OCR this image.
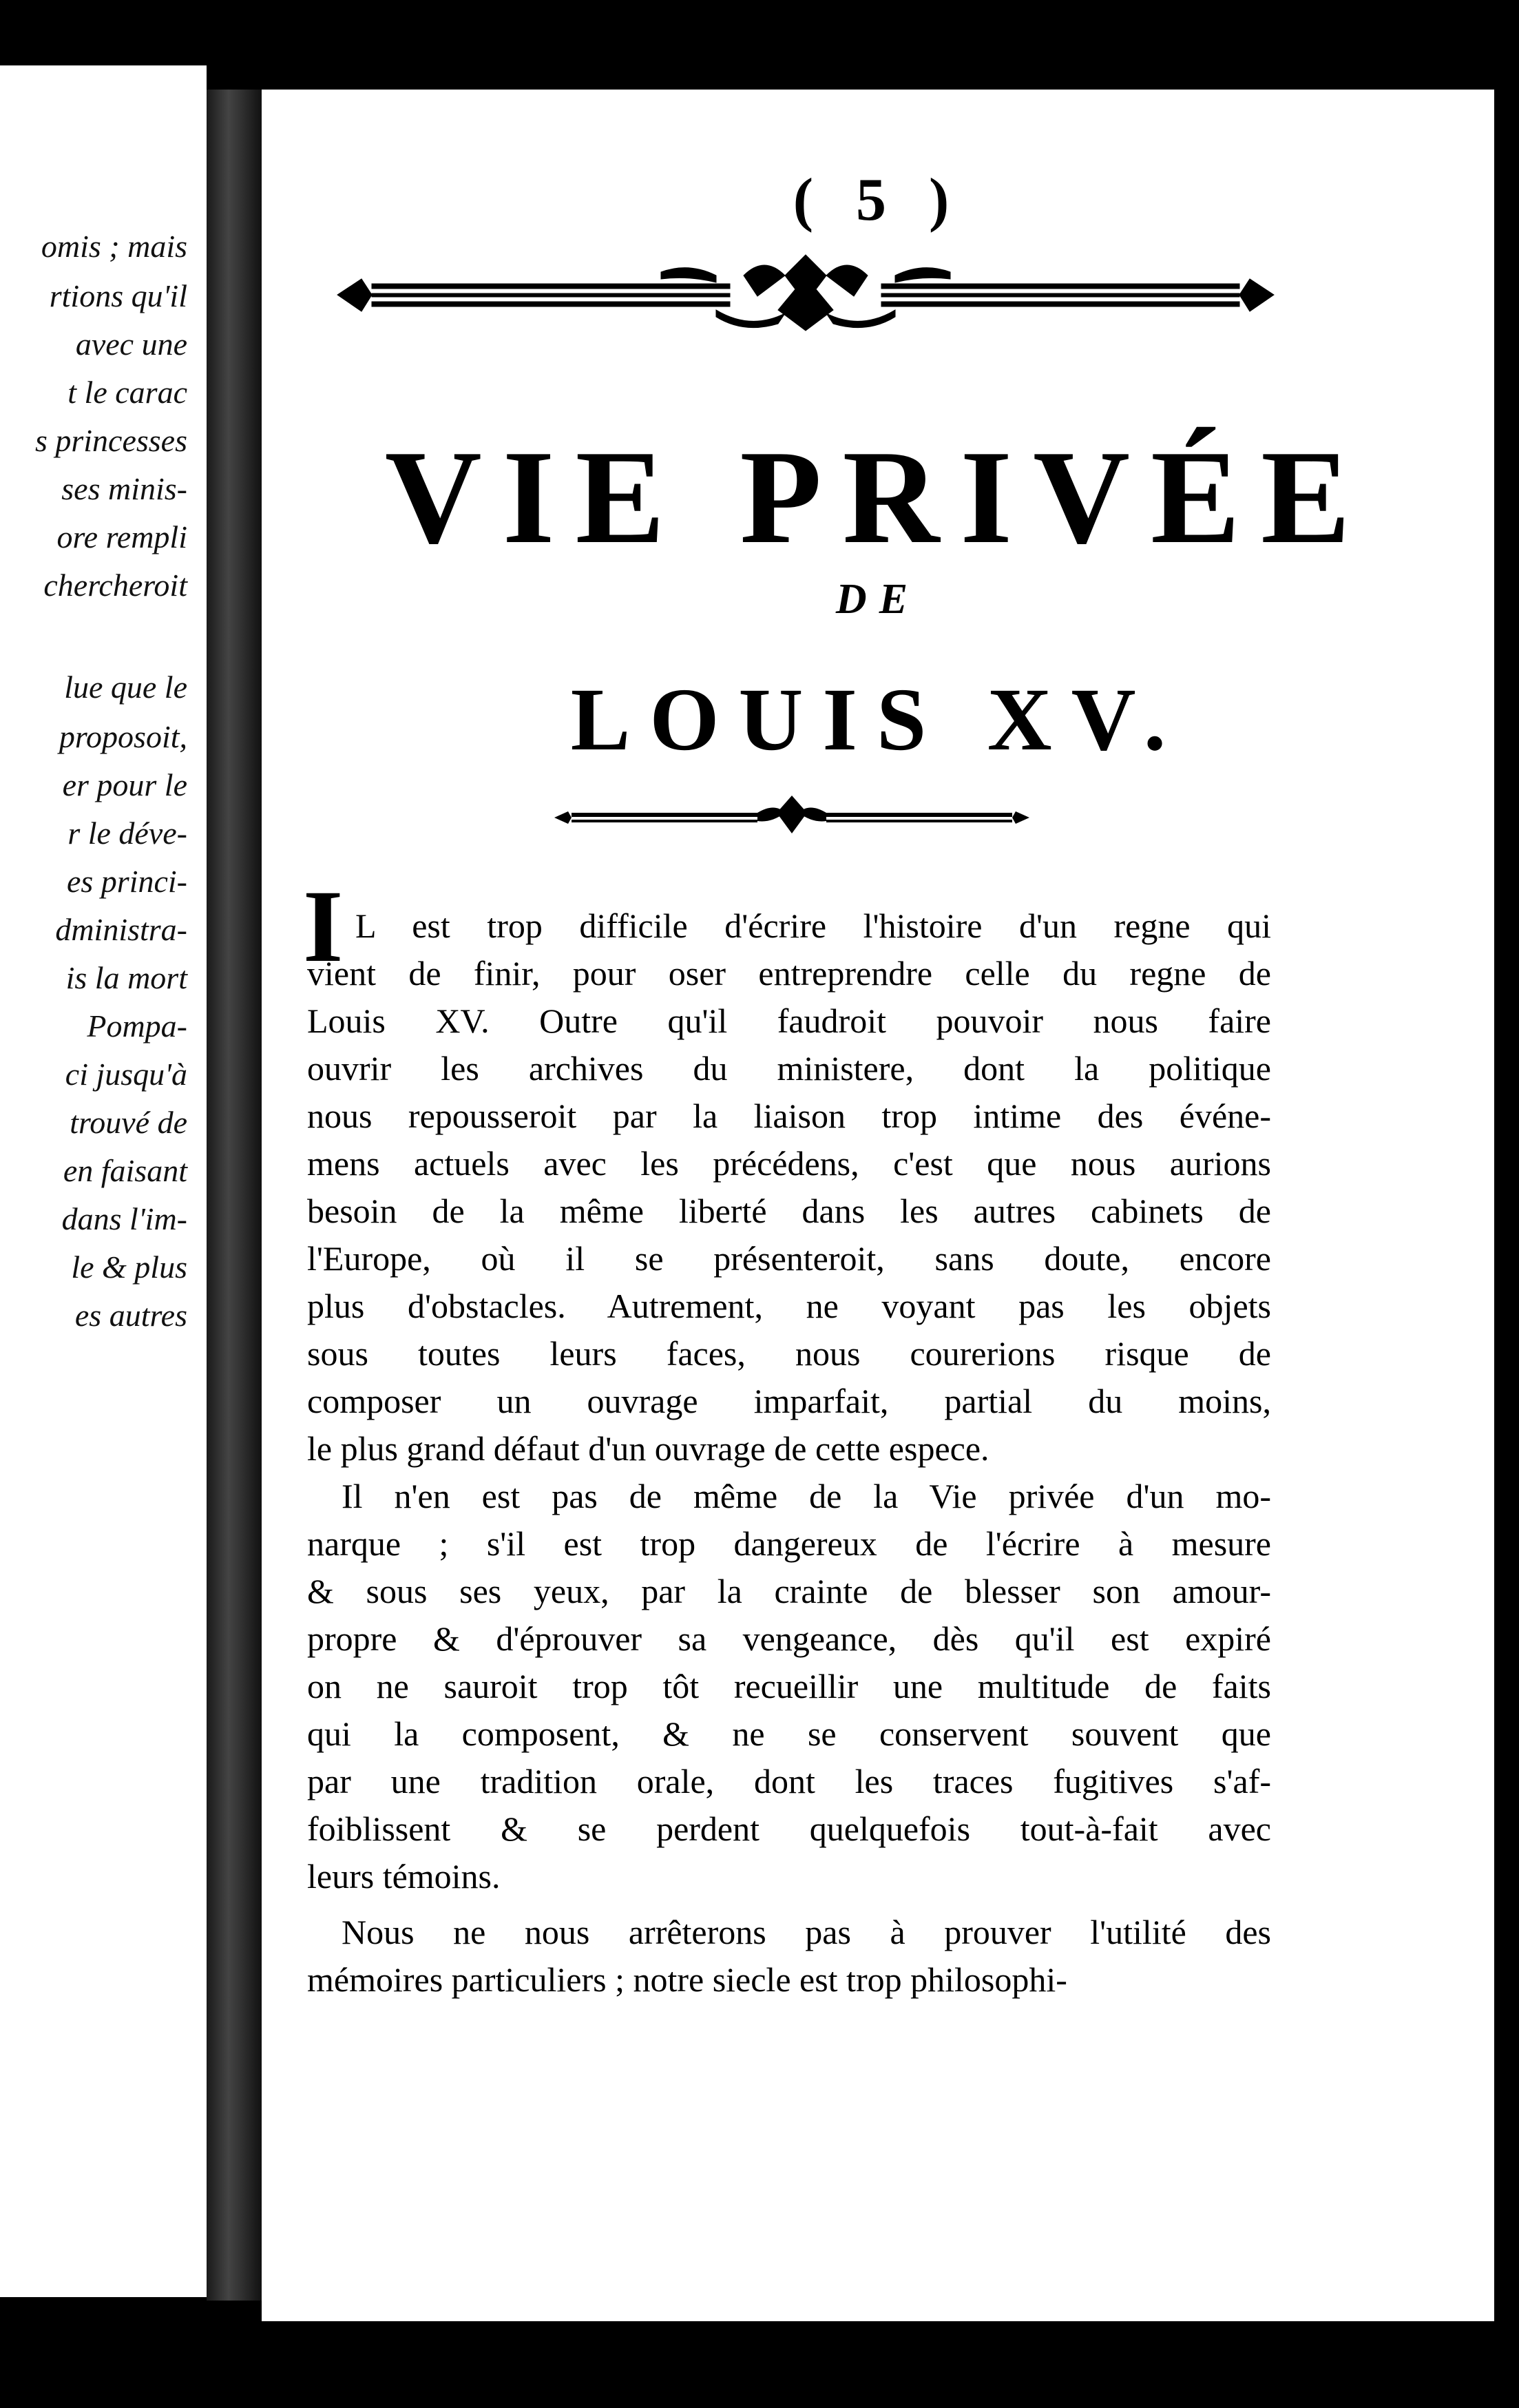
omis ; mais
rtions qu'il
avec une
t le carac
s princesses
ses minis-
ore rempli
chercheroit
lue que le
proposoit,
er pour le
r le déve-
es princi-
dministra-
is la mort
Pompa-
ci jusqu'à
trouvé de
en faisant
dans l'im-
le & plus
es autres
( 5 )
VIE PRIVÉE
DE
LOUIS XV.
I L est trop difficile d'écrire l'histoire d'un regne qui
vient de finir, pour oser entreprendre celle du regne de
Louis XV. Outre qu'il faudroit pouvoir nous faire
ouvrir les archives du ministere, dont la politique
nous repousseroit par la liaison trop intime des événe-
mens actuels avec les précédens, c'est que nous aurions
besoin de la même liberté dans les autres cabinets de
l'Europe, où il se présenteroit, sans doute, encore
plus d'obstacles. Autrement, ne voyant pas les objets
sous toutes leurs faces, nous courerions risque de
composer un ouvrage imparfait, partial du moins,
le plus grand défaut d'un ouvrage de cette espece.
Il n'en est pas de même de la Vie privée d'un mo-
narque ; s'il est trop dangereux de l'écrire à mesure
& sous ses yeux, par la crainte de blesser son amour-
propre & d'éprouver sa vengeance, dès qu'il est expiré
on ne sauroit trop tôt recueillir une multitude de faits
qui la composent, & ne se conservent souvent que
par une tradition orale, dont les traces fugitives s'af-
foiblissent & se perdent quelquefois tout-à-fait avec
leurs témoins.
Nous ne nous arrêterons pas à prouver l'utilité des
mémoires particuliers ; notre siecle est trop philosophi-
